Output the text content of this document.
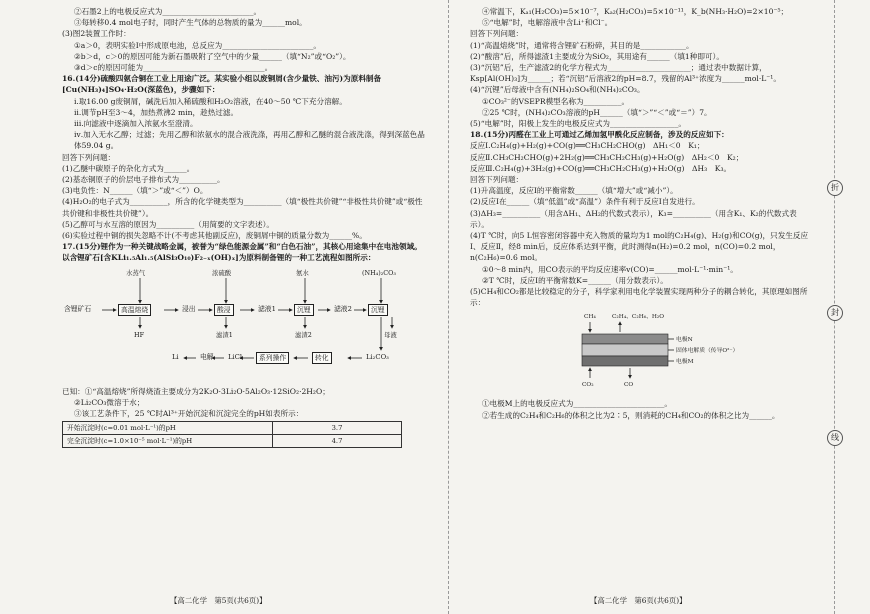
折
封
线
②石墨2上的电极反应式为________________________。
③每转移0.4 mol电子时，同时产生气体的总物质的量为______mol。
(3)图2装置工作时：
①a＞0，表明实验Ⅰ中形成原电池，总反应为________________________。
②b＞d，c＞0的原因可能为新石墨吸附了空气中的少量______（填“N₂”或“O₂”）。
③d＞c的原因可能为________________________________。
16.(14分)硫酸四氨合铜在工业上用途广泛。某实验小组以废铜屑(含少量铁、油污)为原料制备[Cu(NH₃)₄]SO₄·H₂O(深蓝色)，步骤如下：
ⅰ.取16.00 g废铜屑，碱洗后加入稀硫酸和H₂O₂溶液，在40～50 ℃下充分溶解。
ⅱ.调节pH至3～4，加热煮沸2 min，趁热过滤。
ⅲ.向滤液中逐滴加入浓氨水至澄清。
ⅳ.加入无水乙醇；过滤；先用乙醇和浓氨水的混合液洗涤，再用乙醇和乙醚的混合液洗涤，得到深蓝色晶体59.04 g。
回答下列问题：
(1)乙醚中碳原子的杂化方式为______。
(2)基态铜原子的价层电子排布式为__________。
(3)电负性：N______（填“＞”或“＜”）O。
(4)H₂O₂的电子式为__________，所含的化学键类型为__________（填“极性共价键”“非极性共价键”或“极性共价键和非极性共价键”）。
(5)乙醇可与水互溶的原因为__________（用简要的文字表述）。
(6)实验过程中铜的损失忽略不计(不考虑其他副反应)，废铜屑中铜的质量分数为______%。
17.(15分)锂作为一种关键战略金属，被誉为“绿色能源金属”和“白色石油”，其核心用途集中在电池领域。以含锂矿石[含KLi₁.₅Al₁.₅(AlSi₃O₁₀)F₂₋ₓ(OH)ₓ]为原料制备锂的一种工艺流程如图所示：
含锂矿石	高温熔烧	浸出	酸浸	滤液1	沉锂	滤液2	沉锂
Li₂CO₃
转化
系列操作
LiCl
电解
Li
水蒸气	浓硫酸	氨水	(NH₄)₂CO₃
HF	滤渣1	滤渣2	母液
已知：①“高温熔烧”所得烧渣主要成分为2K₂O·3Li₂O·5Al₂O₃·12SiO₂·2H₂O；
②Li₂CO₃微溶于水；
③该工艺条件下，25 ℃时Al³⁺开始沉淀和沉淀完全的pH如表所示：
开始沉淀时(c=0.01 mol·L⁻¹)的pH	3.7
完全沉淀时(c=1.0×10⁻⁵ mol·L⁻¹)的pH	4.7
【高二化学　第5页(共6页)】
④常温下，Kₐ₁(H₂CO₃)=5×10⁻⁷，Kₐ₂(H₂CO₃)=5×10⁻¹¹，K_b(NH₃·H₂O)=2×10⁻⁵；
⑤“电解”时，电解溶液中含Li⁺和Cl⁻。
回答下列问题：
(1)“高温熔烧”时，通常将含锂矿石粉碎，其目的是____________。
(2)“酸溶”后，所得滤渣1主要成分为SiO₂，其用途有______（填1种即可）。
(3)“沉铝”后，生产滤渣2的化学方程式为______________________；通过表中数据计算，Ksp[Al(OH)₃]为______；若“沉铝”后溶液2的pH=8.7，残留的Al³⁺浓度为______mol·L⁻¹。
(4)“沉锂”后母液中含有(NH₄)₂SO₄和(NH₄)₂CO₃。
①CO₃²⁻的VSEPR模型名称为__________。
②25 ℃时，(NH₄)₂CO₃溶液的pH______（填“＞”“＜”或“＝”）7。
(5)“电解”时，阳极上发生的电极反应式为__________________。
18.(15分)丙醛在工业上可通过乙烯加氢甲酰化反应制备，涉及的反应如下：
反应Ⅰ.C₂H₄(g)+H₂(g)+CO(g)══CH₃CH₂CHO(g)　ΔH₁＜0　K₁；
反应Ⅱ.CH₃CH₂CHO(g)+2H₂(g)══CH₃CH₂CH₃(g)+H₂O(g)　ΔH₂＜0　K₂；
反应Ⅲ.C₂H₄(g)+3H₂(g)+CO(g)══CH₃CH₂CH₃(g)+H₂O(g)　ΔH₃　K₃。
回答下列问题：
(1)升高温度，反应Ⅰ的平衡常数______（填“增大”或“减小”）。
(2)反应Ⅰ在______（填“低温”或“高温”）条件有利于反应Ⅰ自发进行。
(3)ΔH₃=__________（用含ΔH₁、ΔH₂的代数式表示），K₃=__________（用含K₁、K₂的代数式表示）。
(4)T ℃时，向5 L恒容密闭容器中充入物质的量均为1 mol的C₂H₄(g)、H₂(g)和CO(g)，只发生反应Ⅰ、反应Ⅱ，经8 min后，反应体系达到平衡，此时测得n(H₂)=0.2 mol，n(CO)=0.2 mol，n(C₂H₆)=0.6 mol。
①0～8 min内，用CO表示的平均反应速率v(CO)=______mol·L⁻¹·min⁻¹。
②T ℃时，反应Ⅰ的平衡常数K=______（用分数表示）。
(5)CH₄和CO₂都是比较稳定的分子，科学家利用电化学装置实现两种分子的耦合转化，其原理如图所示：
CH₄	C₂H₄、C₂H₆、H₂O
电极N
固体电解质（传导O²⁻）
电极M
CO₂	CO
①电极M上的电极反应式为________________________。
②若生成的C₂H₄和C₂H₆的体积之比为2∶5，则消耗的CH₄和CO₂的体积之比为______。
【高二化学　第6页(共6页)】
